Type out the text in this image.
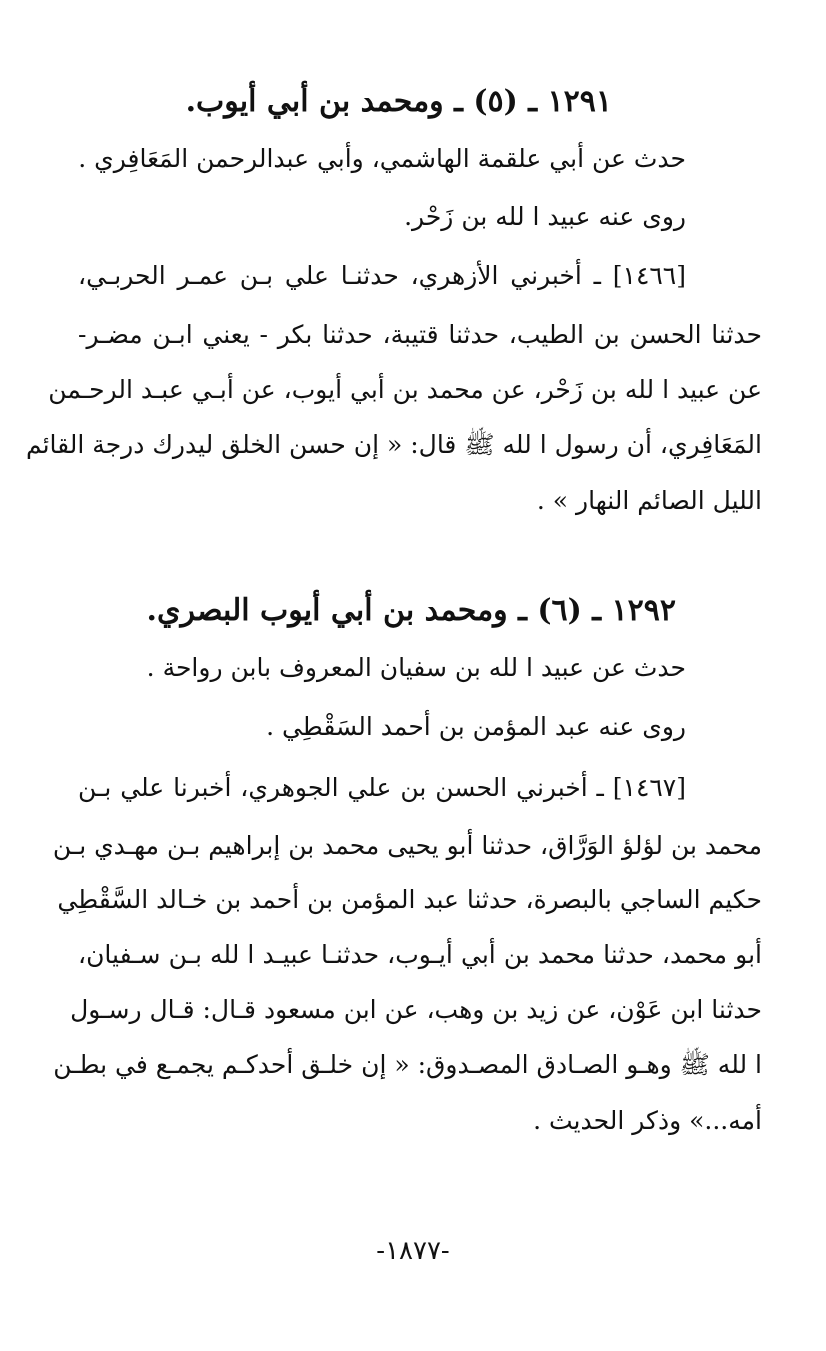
١٢٩١ ـ (٥) ـ ومحمد بن أبي أيوب.
حدث عن أبي علقمة الهاشمي، وأبي عبدالرحمن المَعَافِري .
روى عنه عبيد ا لله بن زَحْر.
[١٤٦٦] ـ أخبرني الأزهري، حدثنـا علي بـن عمـر الحربـي،
حدثنا الحسن بن الطيب، حدثنا قتيبة، حدثنا بكر - يعني ابـن مضـر-
عن عبيد ا لله بن زَحْر، عن محمد بن أبي أيوب، عن أبـي عبـد الرحـمن
المَعَافِري، أن رسول ا لله ﷺ قال: « إن حسن الخلق ليدرك درجة القائم
الليل الصائم النهار » .
١٢٩٢ ـ (٦) ـ ومحمد بن أبي أيوب البصري.
حدث عن عبيد ا لله بن سفيان المعروف بابن رواحة .
روى عنه عبد المؤمن بن أحمد السَقْطِي .
[١٤٦٧] ـ أخبرني الحسن بن علي الجوهري، أخبرنا علي بـن
محمد بن لؤلؤ الوَرَّاق، حدثنا أبو يحيى محمد بن إبراهيم بـن مهـدي بـن
حكيم الساجي بالبصرة، حدثنا عبد المؤمن بن أحمد بن خـالد السَّقْطِي
أبو محمد، حدثنا محمد بن أبي أيـوب، حدثنـا عبيـد ا لله بـن سـفيان،
حدثنا ابن عَوْن، عن زيد بن وهب، عن ابن مسعود قـال: قـال رسـول
ا لله ﷺ وهـو الصـادق المصـدوق: « إن خلـق أحدكـم يجمـع في بطـن
أمه...» وذكر الحديث .
-١٨٧٧-
